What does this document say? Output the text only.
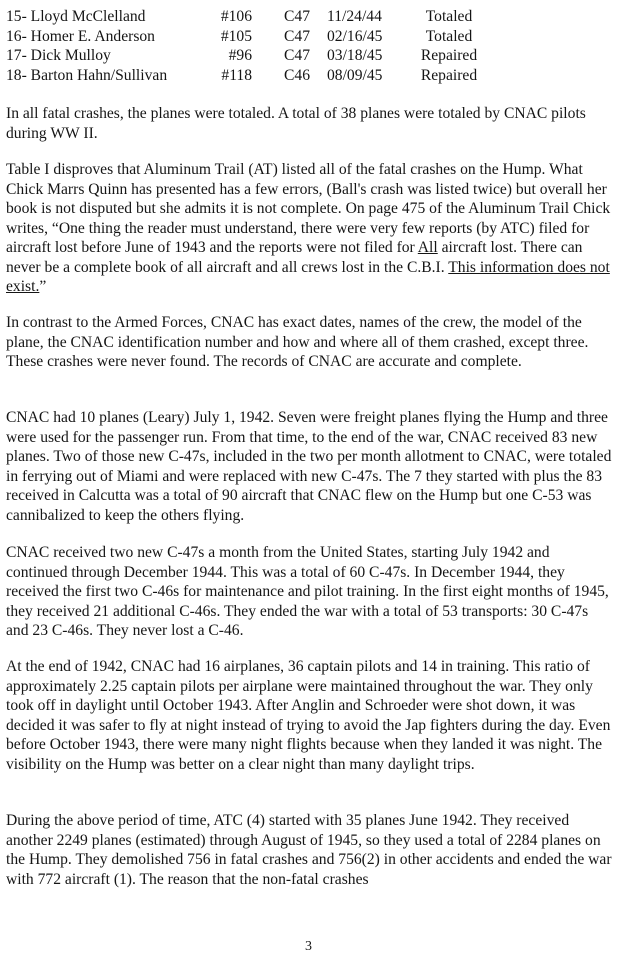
15- Lloyd McClelland	#106 C47 11/24/44	Totaled
16- Homer E. Anderson	#105 C47 02/16/45	Totaled
17- Dick Mulloy	#96 C47 03/18/45	Repaired
18- Barton Hahn/Sullivan	#118 C46 08/09/45	Repaired

In all fatal crashes, the planes were totaled. A total of 38 planes were totaled by CNAC pilots during WW II.

Table I disproves that Aluminum Trail (AT) listed all of the fatal crashes on the Hump. What Chick Marrs Quinn has presented has a few errors, (Ball's crash was listed twice) but overall her book is not disputed but she admits it is not complete. On page 475 of the Aluminum Trail Chick writes, “One thing the reader must understand, there were very few reports (by ATC) filed for aircraft lost before June of 1943 and the reports were not filed for All aircraft lost. There can never be a complete book of all aircraft and all crews lost in the C.B.I. This information does not exist.”

In contrast to the Armed Forces, CNAC has exact dates, names of the crew, the model of the plane, the CNAC identification number and how and where all of them crashed, except three. These crashes were never found. The records of CNAC are accurate and complete.

CNAC had 10 planes (Leary) July 1, 1942. Seven were freight planes flying the Hump and three were used for the passenger run. From that time, to the end of the war, CNAC received 83 new planes. Two of those new C-47s, included in the two per month allotment to CNAC, were totaled in ferrying out of Miami and were replaced with new C-47s. The 7 they started with plus the 83 received in Calcutta was a total of 90 aircraft that CNAC flew on the Hump but one C-53 was cannibalized to keep the others flying.

CNAC received two new C-47s a month from the United States, starting July 1942 and continued through December 1944. This was a total of 60 C-47s. In December 1944, they received the first two C-46s for maintenance and pilot training. In the first eight months of 1945, they received 21 additional C-46s. They ended the war with a total of 53 transports: 30 C-47s and 23 C-46s. They never lost a C-46.

At the end of 1942, CNAC had 16 airplanes, 36 captain pilots and 14 in training. This ratio of approximately 2.25 captain pilots per airplane were maintained throughout the war. They only took off in daylight until October 1943. After Anglin and Schroeder were shot down, it was decided it was safer to fly at night instead of trying to avoid the Jap fighters during the day. Even before October 1943, there were many night flights because when they landed it was night. The visibility on the Hump was better on a clear night than many daylight trips.

During the above period of time, ATC (4) started with 35 planes June 1942. They received another 2249 planes (estimated) through August of 1945, so they used a total of 2284 planes on the Hump. They demolished 756 in fatal crashes and 756(2) in other accidents and ended the war with 772 aircraft (1). The reason that the non-fatal crashes

3
